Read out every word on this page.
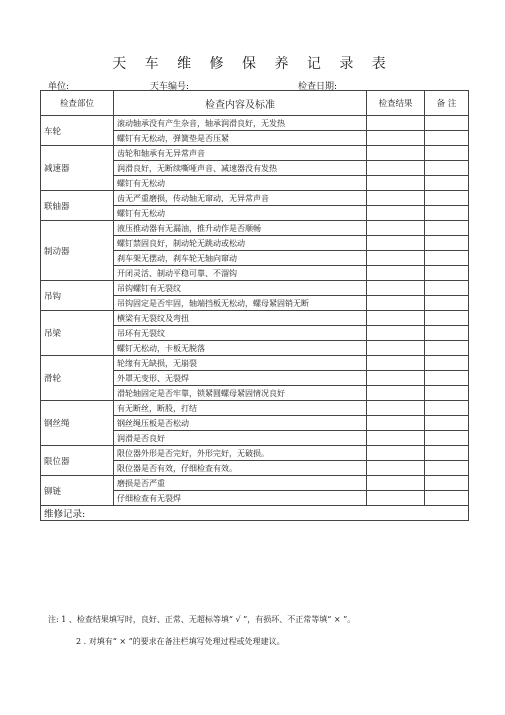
天 车 维 修 保 养 记 录 表
单位:	天车编号:	检查日期:
检查部位	检查内容及标准	检查结果	备 注
车轮	滚动轴承没有产生杂音，轴承润滑良好，无发热		
	螺钉有无松动，弹簧垫是否压紧		
减速器	齿轮和轴承有无异常声音		
	润滑良好，无断续嘶哑声音、减速器没有发热		
	螺钉有无松动		
联轴器	齿无严重磨损，传动轴无窜动，无异常声音		
	螺钉有无松动		
制动器	液压推动器有无漏油，推升动作是否顺畅		
	螺钉禁固良好，制动轮无跳动或松动		
	刹车架无摆动，刹车轮无轴向窜动		
	开闭灵活、制动平稳可靠、不溜钩		
吊钩	吊钩螺钉有无裂纹		
	吊钩固定是否牢固，轴端挡板无松动，螺母紧固销无断		
吊梁	横梁有无裂纹及弯扭		
	吊环有无裂纹		
	螺钉无松动，卡板无脱落		
滑轮	轮缘有无缺损，无崩裂		
	外罩无变形、无裂焊		
	滑轮轴固定是否牢靠，锁紧圆螺母紧固情况良好		
钢丝绳	有无断丝，断股，打结		
	钢丝绳压板是否松动		
	润滑是否良好		
限位器	限位器外形是否完好，外形完好，无破损。		
	限位器是否有效，仔细检查有效。		
铆链	磨损是否严重		
	仔细检查有无裂焊		
维修记录:			
注: 1 、检查结果填写时，良好、正常、无超标等填“ √ ”，有损坏、不正常等填“ × ”。
2 . 对填有“ × ”的要求在备注栏填写处理过程或处理建议。
